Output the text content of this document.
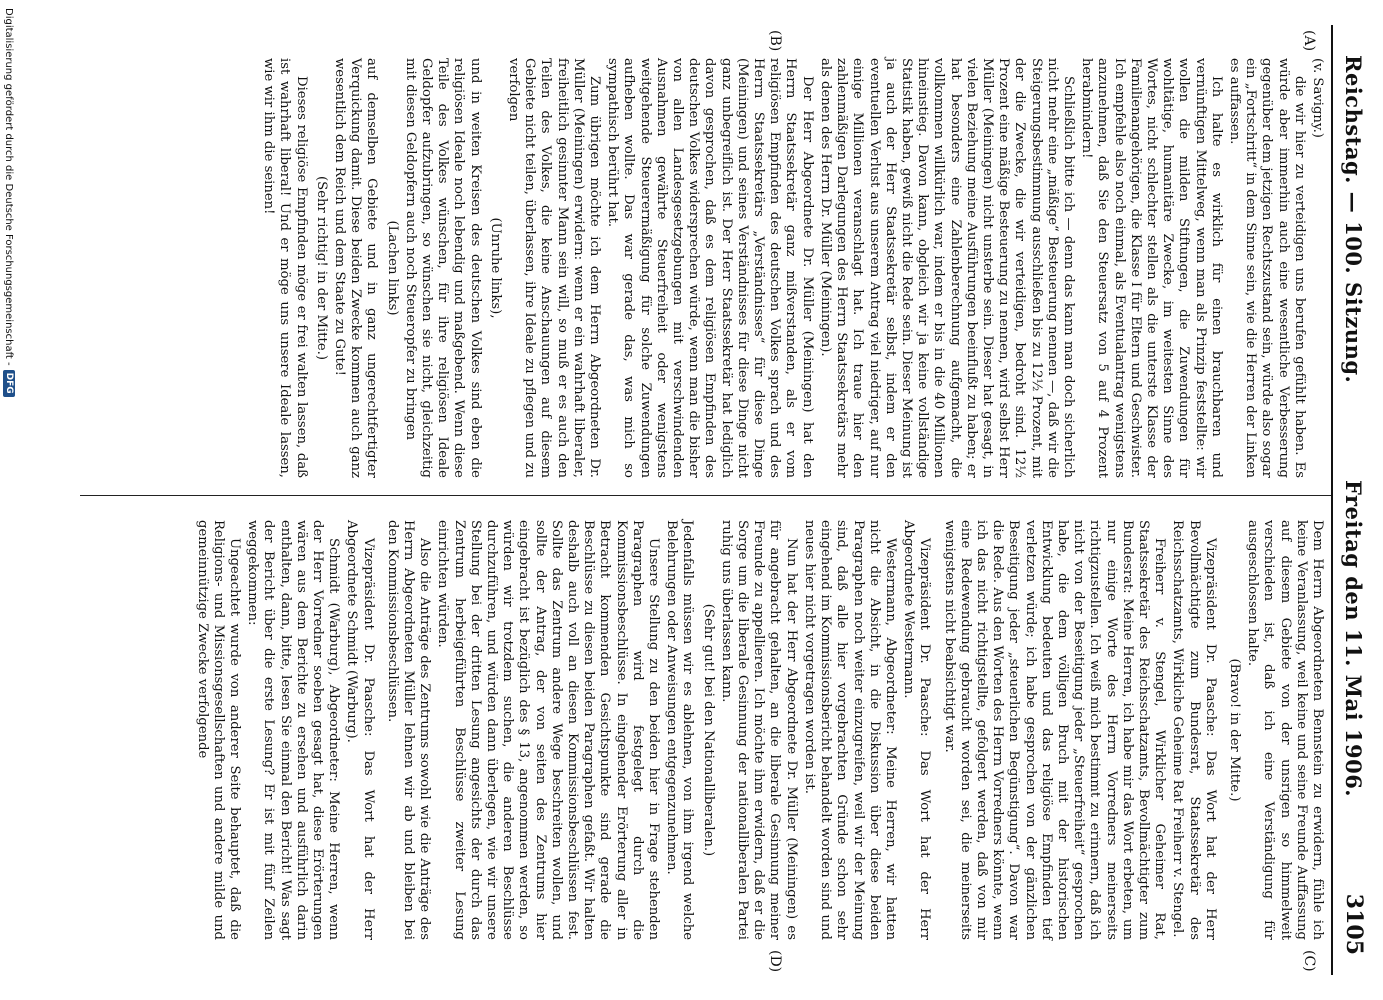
Reichstag. — 100. Sitzung.
Freitag den 11. Mai 1906.
3105
(A)
(B)
(C)
(D)

(v. Savigny.)

die wir hier zu verteidigen uns berufen gefühlt haben. Es würde aber immerhin auch eine wesentliche Verbesserung gegenüber dem jetzigen Rechtszustand sein, würde also sogar ein „Fortschritt“ in dem Sinne sein, wie die Herren der Linken es auffassen.

Ich halte es wirklich für einen brauchbaren und vernünftigen Mittelweg, wenn man als Prinzip feststellte: wir wollen die milden Stiftungen, die Zuwendungen für wohltätige, humanitäre Zwecke, im weitesten Sinne des Wortes, nicht schlechter stellen als die unterste Klasse der Familienangehörigen, die Klasse I für Eltern und Geschwister. Ich empfehle also noch einmal, als Eventualantrag wenigstens anzunehmen, daß Sie den Steuersatz von 5 auf 4 Prozent herabmindern!

Schließlich bitte ich — denn das kann man doch sicherlich nicht mehr eine „mäßige“ Besteuerung nennen —, daß wir die Steigerungsbestimmung ausschließen bis zu 12½ Prozent, mit der die Zwecke, die wir verteidigen, bedroht sind. 12½ Prozent eine mäßige Besteuerung zu nennen, wird selbst Herr Müller (Meiningen) nicht unsterbe sein. Dieser hat gesagt, in vielen Beziehung meine Ausführungen beeinflußt zu haben; er hat besonders eine Zahlenberechnung aufgemacht, die vollkommen willkürlich war, indem er bis in die 40 Millionen hineinstieg. Davon kann, obgleich wir ja keine vollständige Statistik haben, gewiß nicht die Rede sein. Dieser Meinung ist ja auch der Herr Staatssekretär selbst, indem er den eventuellen Verlust aus unserem Antrag viel niedriger, auf nur einige Millionen veranschlagt hat. Ich traue hier den zahlenmäßigen Darlegungen des Herrn Staatssekretärs mehr als denen des Herrn Dr. Müller (Meiningen).

Der Herr Abgeordnete Dr. Müller (Meiningen) hat den Herrn Staatssekretär ganz mißverstanden, als er vom religiösen Empfinden des deutschen Volkes sprach und des Herrn Staatssekretärs „Verständnisses“ für diese Dinge (Meiningen) und seines Verständnisses für diese Dinge nicht ganz unbegreiflich ist. Der Herr Staatssekretär hat lediglich davon gesprochen, daß es dem religiösen Empfinden des deutschen Volkes widersprechen würde, wenn man die bisher von allen Landesgesetzgebungen mit verschwindenden Ausnahmen gewährte Steuerfreiheit oder wenigstens weitgehende Steuerermäßigung für solche Zuwendungen aufheben wollte. Das war gerade das, was mich so sympathisch berührt hat.

Zum übrigen möchte ich dem Herrn Abgeordneten Dr. Müller (Meiningen) erwidern: wenn er ein wahrhaft liberaler, freiheitlich gesinnter Mann sein will, so muß er es auch den Teilen des Volkes, die keine Anschauungen auf diesem Gebiete nicht teilen, überlassen, ihre Ideale zu pflegen und zu verfolgen

(Unruhe links),

und in weiten Kreisen des deutschen Volkes sind eben die religiösen Ideale noch lebendig und maßgebend. Wenn diese Teile des Volkes wünschen, für ihre religiösen Ideale Geldopfer aufzubringen, so wünschen sie nicht, gleichzeitig mit diesen Geldopfern auch noch Steueropfer zu bringen

(Lachen links)

auf demselben Gebiete und in ganz ungerechtfertigter Verquickung damit. Diese beiden Zwecke kommen auch ganz wesentlich dem Reich und dem Staate zu Gute!

(Sehr richtig! in der Mitte.)

Dieses religiöse Empfinden möge er frei walten lassen, daß ist wahrhaft liberal! Und er möge uns unsere Ideale lassen, wie wir ihm die seinen!

Dem Herrn Abgeordneten Bennstein zu erwidern, fühle ich keine Veranlassung, weil keine und seine Freunde Auffassung auf diesem Gebiete von der unsrigen so himmelweit verschieden ist, daß ich eine Verständigung für ausgeschlossen halte.

(Bravo! in der Mitte.)

Vizepräsident Dr. Paasche: Das Wort hat der Herr Bevollmächtigte zum Bundesrat, Staatssekretär des Reichsschatzamts, Wirkliche Geheime Rat Freiherr v. Stengel.

Freiherr v. Stengel, Wirklicher Geheimer Rat, Staatssekretär des Reichsschatzamts, Bevollmächtigter zum Bundesrat: Meine Herren, ich habe mir das Wort erbeten, um nur einige Worte des Herrn Vorredners meinerseits richtigzustellen. Ich weiß mich bestimmt zu erinnern, daß ich nicht von der Beseitigung jeder „Steuerfreiheit“ gesprochen habe, die dem völligen Bruch mit der historischen Entwicklung bedeuten und das religiöse Empfinden tief verletzen würde; ich habe gesprochen von der gänzlichen Beseitigung jeder „steuerlichen Begünstigung“. Davon war die Rede. Aus den Worten des Herrn Vorredners könnte, wenn ich das nicht richtigstellte, gefolgert werden, daß von mir eine Redewendung gebraucht worden sei, die meinerseits wenigstens nicht beabsichtigt war.

Vizepräsident Dr. Paasche: Das Wort hat der Herr Abgeordnete Westermann.

Westermann, Abgeordneter: Meine Herren, wir hatten nicht die Absicht, in die Diskussion über diese beiden Paragraphen noch weiter einzugreifen, weil wir der Meinung sind, daß alle hier vorgebrachten Gründe schon sehr eingehend im Kommissionsbericht behandelt worden sind und neues hier nicht vorgetragen worden ist.

Nun hat der Herr Abgeordnete Dr. Müller (Meiningen) es für angebracht gehalten, an die liberale Gesinnung meiner Freunde zu appellieren. Ich möchte ihm erwidern, daß er die Sorge um die liberale Gesinnung der nationalliberalen Partei ruhig uns überlassen kann.

(Sehr gut! bei den Nationalliberalen.)

Jedenfalls müssen wir es ablehnen, von ihm irgend welche Belehrungen oder Anweisungen entgegenzunehmen.

Unsere Stellung zu den beiden hier in Frage stehenden Paragraphen wird festgelegt durch die Kommissionsbeschlüsse. In eingehender Erörterung aller in Betracht kommenden Gesichtspunkte sind gerade die Beschlüsse zu diesen beiden Paragraphen gefaßt. Wir halten deshalb auch voll an diesen Kommissionsbeschlüssen fest. Sollte das Zentrum andere Wege beschreiten wollen, und sollte der Antrag, der von seiten des Zentrums hier eingebracht ist bezüglich des § 13, angenommen werden, so würden wir trotzdem suchen, die anderen Beschlüsse durchzuführen, und würden dann überlegen, wie wir unsere Stellung bei der dritten Lesung angesichts der durch das Zentrum herbeigeführten Beschlüsse zweiter Lesung einrichten würden.

Also die Anträge des Zentrums sowohl wie die Anträge des Herrn Abgeordneten Müller lehnen wir ab und bleiben bei den Kommissionsbeschlüssen.

Vizepräsident Dr. Paasche: Das Wort hat der Herr Abgeordnete Schmidt (Warburg).

Schmidt (Warburg), Abgeordneter: Meine Herren, wenn der Herr Vorredner soeben gesagt hat, diese Erörterungen wären aus dem Berichte zu ersehen und ausführlich darin enthalten, dann, bitte, lesen Sie einmal den Bericht! Was sagt der Bericht über die erste Lesung? Er ist mit fünf Zeilen weggekommen:

Ungeachtet wurde von anderer Seite behauptet, daß die Religions- und Missionsgesellschaften und andere milde und gemeinnützige Zwecke verfolgende

Digitalisierung gefördert durch die Deutsche Forschungsgemeinschaft -
DFG
